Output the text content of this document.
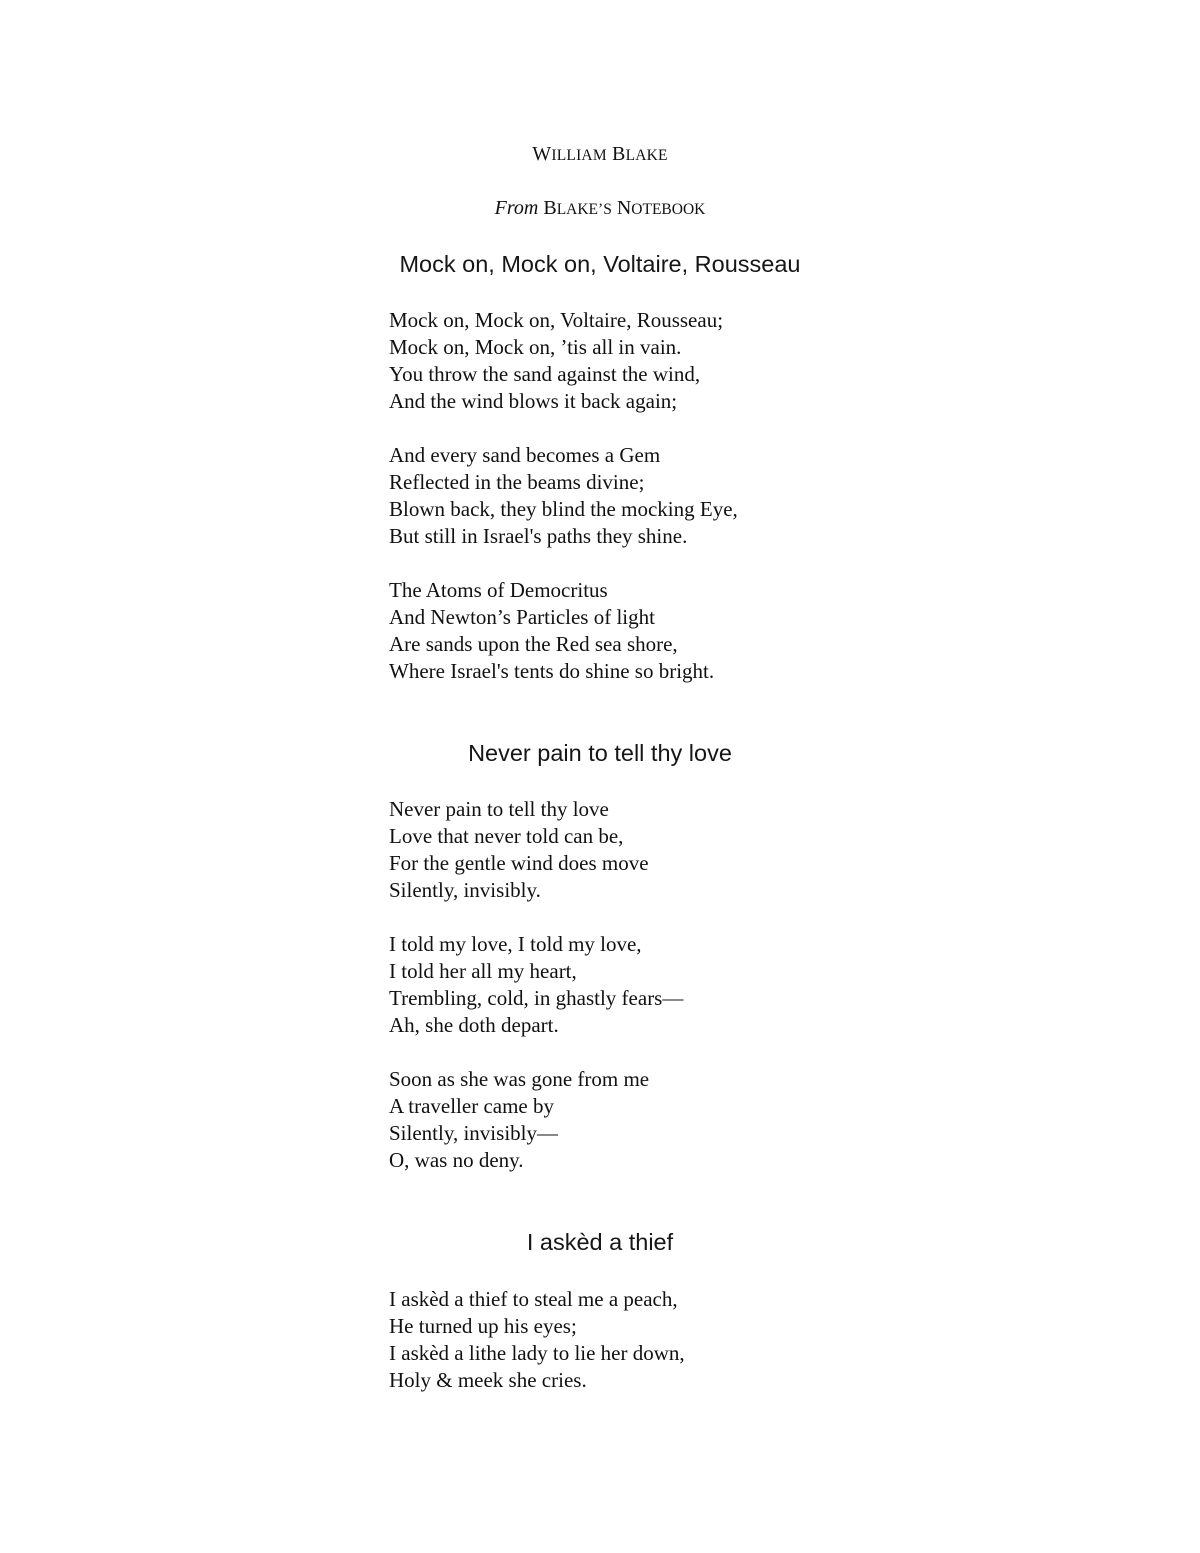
WILLIAM BLAKE
From BLAKE’S NOTEBOOK
Mock on, Mock on, Voltaire, Rousseau
Mock on, Mock on, Voltaire, Rousseau;
Mock on, Mock on, ’tis all in vain.
You throw the sand against the wind,
And the wind blows it back again;
And every sand becomes a Gem
Reflected in the beams divine;
Blown back, they blind the mocking Eye,
But still in Israel's paths they shine.
The Atoms of Democritus
And Newton’s Particles of light
Are sands upon the Red sea shore,
Where Israel's tents do shine so bright.
Never pain to tell thy love
Never pain to tell thy love
Love that never told can be,
For the gentle wind does move
Silently, invisibly.
I told my love, I told my love,
I told her all my heart,
Trembling, cold, in ghastly fears—
Ah, she doth depart.
Soon as she was gone from me
A traveller came by
Silently, invisibly—
O, was no deny.
I askèd a thief
I askèd a thief to steal me a peach,
He turned up his eyes;
I askèd a lithe lady to lie her down,
Holy & meek she cries.
